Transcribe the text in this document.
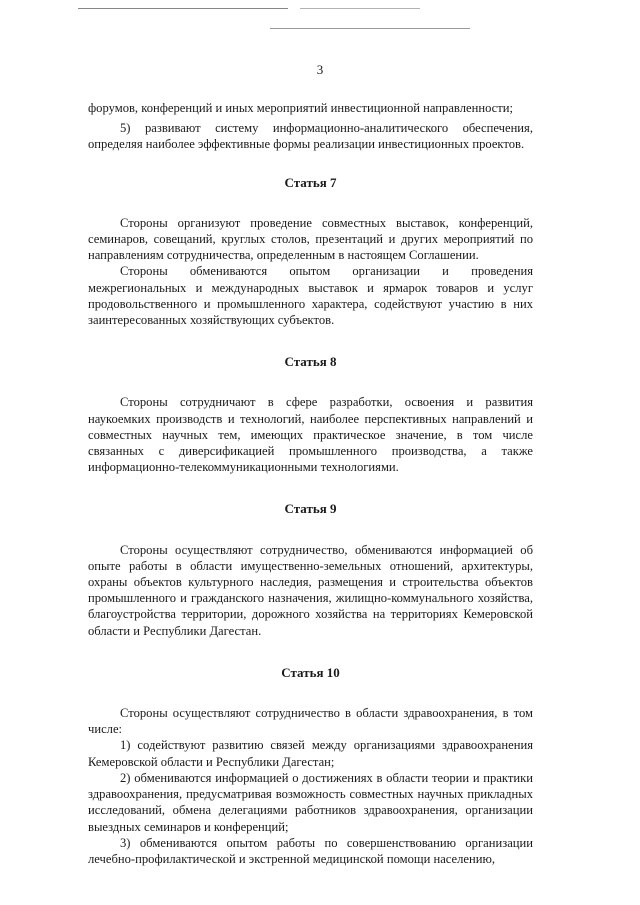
3

форумов, конференций и иных мероприятий инвестиционной направленности;

5) развивают систему информационно-аналитического обеспечения, определяя наиболее эффективные формы реализации инвестиционных проектов.

Статья 7

Стороны организуют проведение совместных выставок, конференций, семинаров, совещаний, круглых столов, презентаций и других мероприятий по направлениям сотрудничества, определенным в настоящем Соглашении.

Стороны обмениваются опытом организации и проведения межрегиональных и международных выставок и ярмарок товаров и услуг продовольственного и промышленного характера, содействуют участию в них заинтересованных хозяйствующих субъектов.

Статья 8

Стороны сотрудничают в сфере разработки, освоения и развития наукоемких производств и технологий, наиболее перспективных направлений и совместных научных тем, имеющих практическое значение, в том числе связанных с диверсификацией промышленного производства, а также информационно-телекоммуникационными технологиями.

Статья 9

Стороны осуществляют сотрудничество, обмениваются информацией об опыте работы в области имущественно-земельных отношений, архитектуры, охраны объектов культурного наследия, размещения и строительства объектов промышленного и гражданского назначения, жилищно-коммунального хозяйства, благоустройства территории, дорожного хозяйства на территориях Кемеровской области и Республики Дагестан.

Статья 10

Стороны осуществляют сотрудничество в области здравоохранения, в том числе:

1) содействуют развитию связей между организациями здравоохранения Кемеровской области и Республики Дагестан;

2) обмениваются информацией о достижениях в области теории и практики здравоохранения, предусматривая возможность совместных научных прикладных исследований, обмена делегациями работников здравоохранения, организации выездных семинаров и конференций;

3) обмениваются опытом работы по совершенствованию организации лечебно-профилактической и экстренной медицинской помощи населению,
